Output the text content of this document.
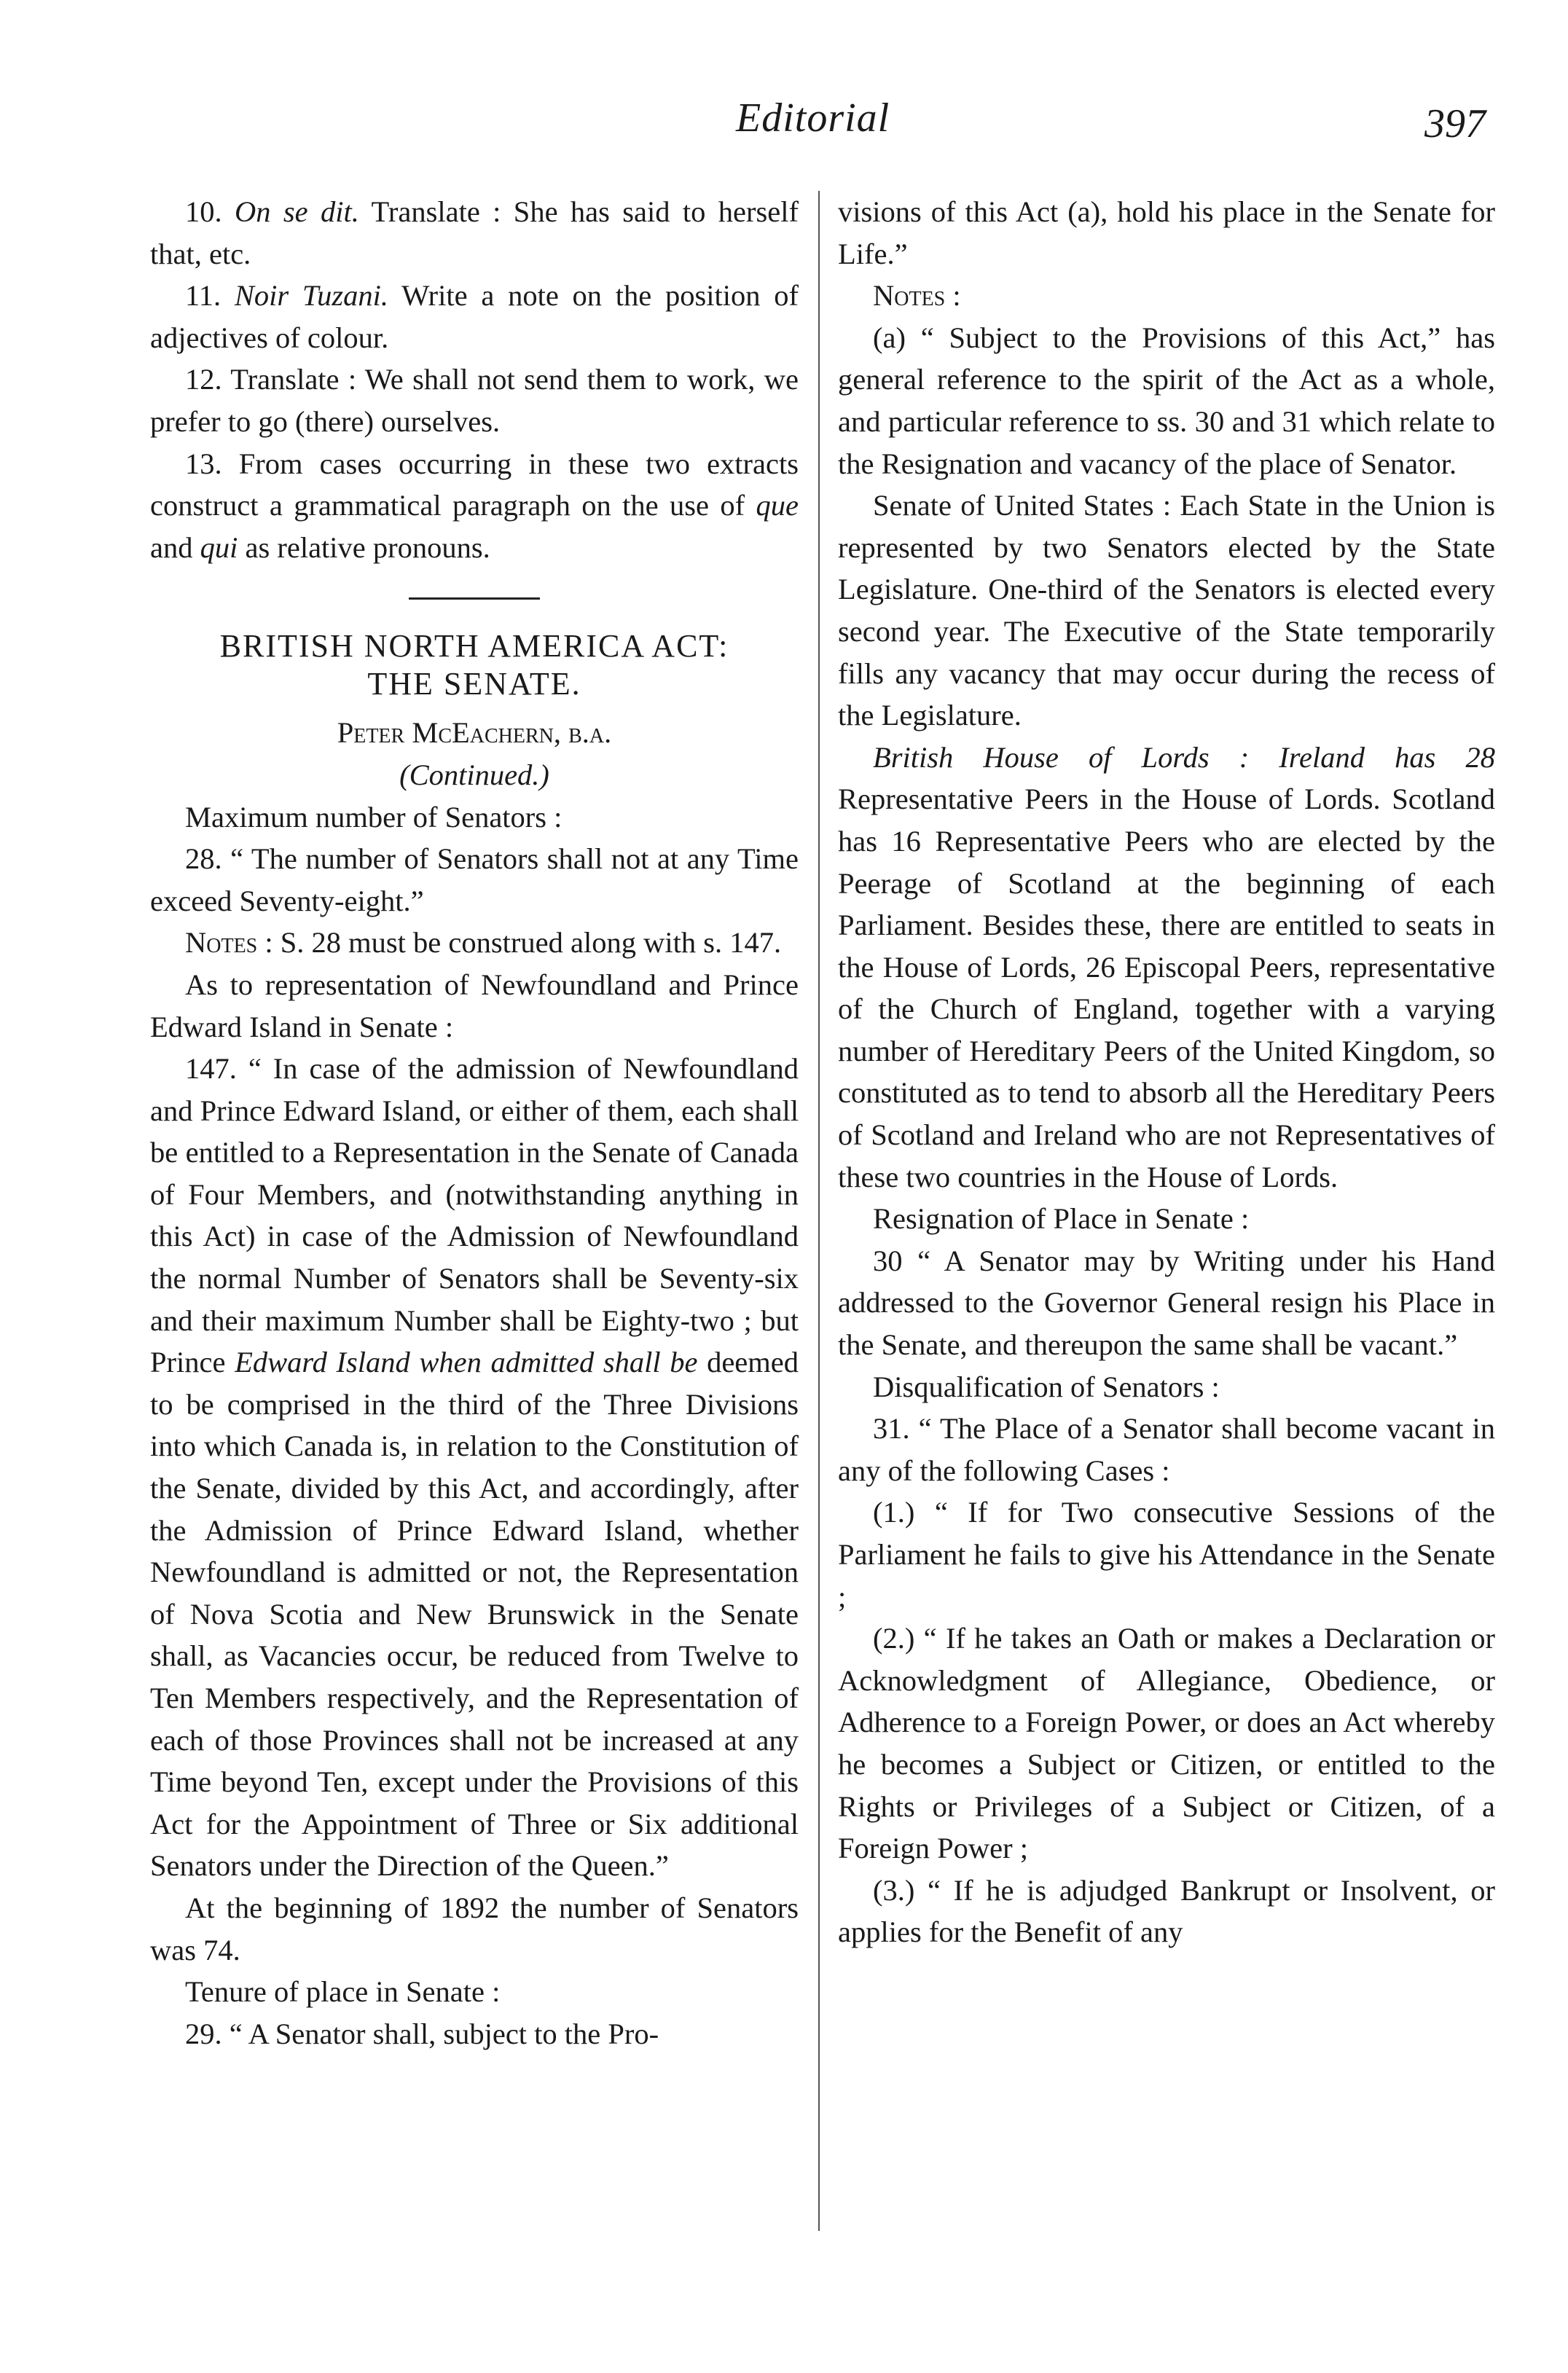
Editorial	397

10. On se dit. Translate : She has said to herself that, etc.

11. Noir Tuzani. Write a note on the position of adjectives of colour.

12. Translate : We shall not send them to work, we prefer to go (there) ourselves.

13. From cases occurring in these two extracts construct a grammatical paragraph on the use of que and qui as relative pronouns.

BRITISH NORTH AMERICA ACT:
THE SENATE.

Peter McEachern, b.a.

(Continued.)

Maximum number of Senators :

28. “ The number of Senators shall not at any Time exceed Seventy-eight.”

Notes : S. 28 must be construed along with s. 147.

As to representation of Newfoundland and Prince Edward Island in Senate :

147. “ In case of the admission of Newfoundland and Prince Edward Island, or either of them, each shall be entitled to a Representation in the Senate of Canada of Four Members, and (notwithstanding anything in this Act) in case of the Admission of Newfoundland the normal Number of Senators shall be Seventy-six and their maximum Number shall be Eighty-two ; but Prince Edward Island when admitted shall be deemed to be comprised in the third of the Three Divisions into which Canada is, in relation to the Constitution of the Senate, divided by this Act, and accordingly, after the Admission of Prince Edward Island, whether Newfoundland is admitted or not, the Representation of Nova Scotia and New Brunswick in the Senate shall, as Vacancies occur, be reduced from Twelve to Ten Members respectively, and the Representation of each of those Provinces shall not be increased at any Time beyond Ten, except under the Provisions of this Act for the Appointment of Three or Six additional Senators under the Direction of the Queen.”

At the beginning of 1892 the number of Senators was 74.

Tenure of place in Senate :

29. “ A Senator shall, subject to the Pro-

visions of this Act (a), hold his place in the Senate for Life.”

Notes :

(a) “ Subject to the Provisions of this Act,” has general reference to the spirit of the Act as a whole, and particular reference to ss. 30 and 31 which relate to the Resignation and vacancy of the place of Senator.

Senate of United States : Each State in the Union is represented by two Senators elected by the State Legislature. One-third of the Senators is elected every second year. The Executive of the State temporarily fills any vacancy that may occur during the recess of the Legislature.

British House of Lords : Ireland has 28 Representative Peers in the House of Lords. Scotland has 16 Representative Peers who are elected by the Peerage of Scotland at the beginning of each Parliament. Besides these, there are entitled to seats in the House of Lords, 26 Episcopal Peers, representative of the Church of England, together with a varying number of Hereditary Peers of the United Kingdom, so constituted as to tend to absorb all the Hereditary Peers of Scotland and Ireland who are not Representatives of these two countries in the House of Lords.

Resignation of Place in Senate :

30 “ A Senator may by Writing under his Hand addressed to the Governor General resign his Place in the Senate, and thereupon the same shall be vacant.”

Disqualification of Senators :

31. “ The Place of a Senator shall become vacant in any of the following Cases :

(1.) “ If for Two consecutive Sessions of the Parliament he fails to give his Attendance in the Senate ;

(2.) “ If he takes an Oath or makes a Declaration or Acknowledgment of Allegiance, Obedience, or Adherence to a Foreign Power, or does an Act whereby he becomes a Subject or Citizen, or entitled to the Rights or Privileges of a Subject or Citizen, of a Foreign Power ;

(3.) “ If he is adjudged Bankrupt or Insolvent, or applies for the Benefit of any
